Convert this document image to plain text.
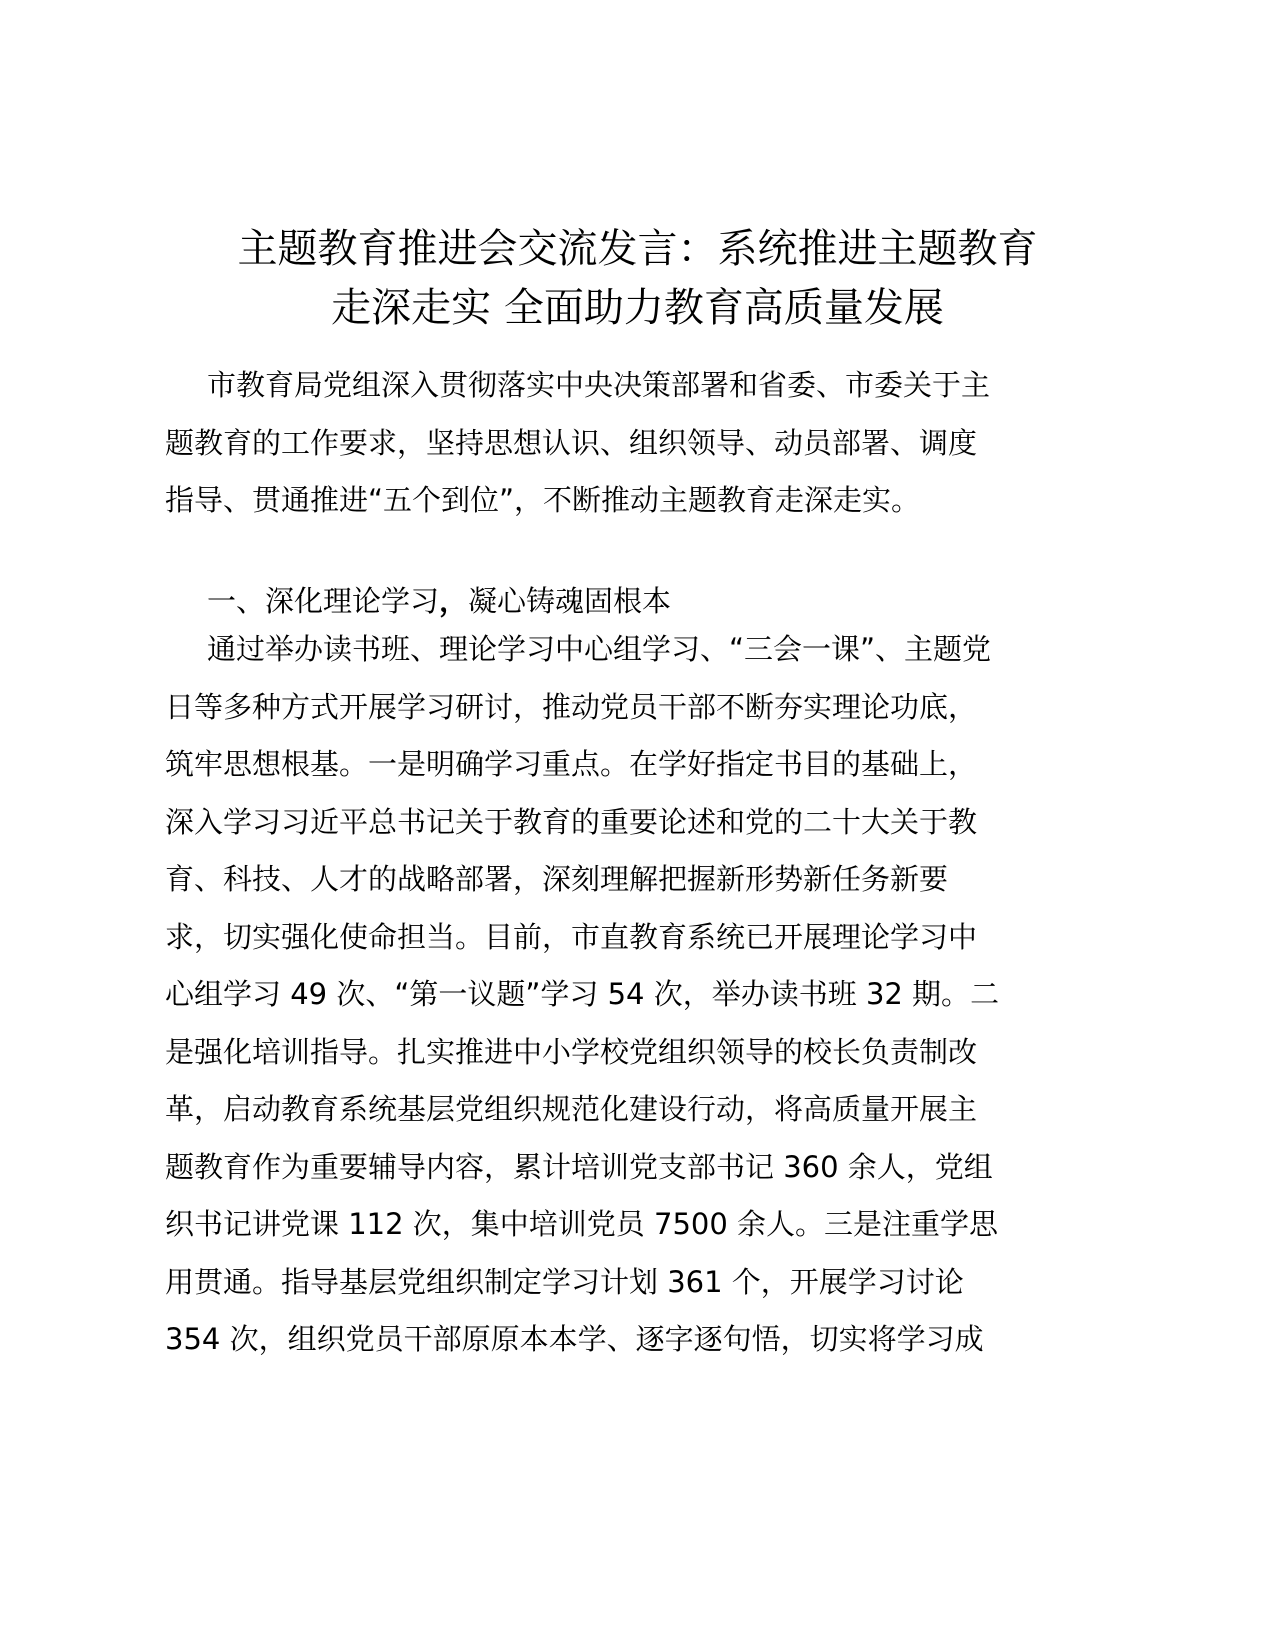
主题教育推进会交流发言：系统推进主题教育
走深走实 全面助力教育高质量发展
市教育局党组深入贯彻落实中央决策部署和省委、市委关于主
题教育的工作要求，坚持思想认识、组织领导、动员部署、调度
指导、贯通推进“五个到位”，不断推动主题教育走深走实。
一、深化理论学习，凝心铸魂固根本
通过举办读书班、理论学习中心组学习、“三会一课”、主题党
日等多种方式开展学习研讨，推动党员干部不断夯实理论功底，
筑牢思想根基。一是明确学习重点。在学好指定书目的基础上，
深入学习习近平总书记关于教育的重要论述和党的二十大关于教
育、科技、人才的战略部署，深刻理解把握新形势新任务新要
求，切实强化使命担当。目前，市直教育系统已开展理论学习中
心组学习 49 次、“第一议题”学习 54 次，举办读书班 32 期。二
是强化培训指导。扎实推进中小学校党组织领导的校长负责制改
革，启动教育系统基层党组织规范化建设行动，将高质量开展主
题教育作为重要辅导内容，累计培训党支部书记 360 余人，党组
织书记讲党课 112 次，集中培训党员 7500 余人。三是注重学思
用贯通。指导基层党组织制定学习计划 361 个，开展学习讨论
354 次，组织党员干部原原本本学、逐字逐句悟，切实将学习成
